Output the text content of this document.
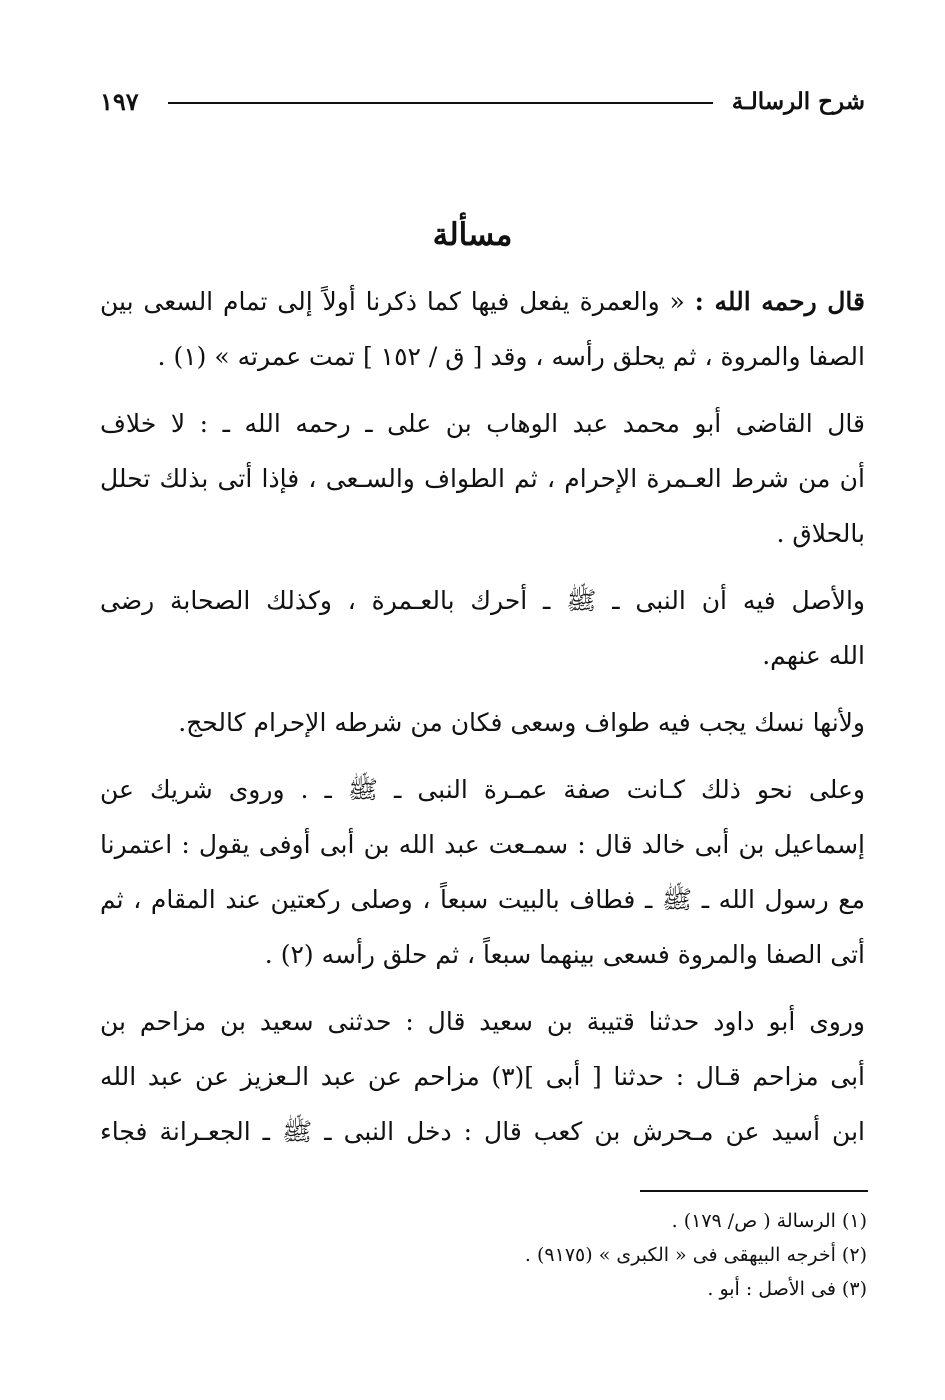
شرح الرسالـة
١٩٧
مسألة

قال رحمه الله : « والعمرة يفعل فيها كما ذكرنا أولاً إلى تمام السعى بين
الصفا والمروة ، ثم يحلق رأسه ، وقد [ ق / ١٥٢ ] تمت عمرته » (١) .

قال القاضى أبو محمد عبد الوهاب بن على ـ رحمه الله ـ : لا خلاف
أن من شرط العـمرة الإحرام ، ثم الطواف والسـعى ، فإذا أتى بذلك تحلل
بالحلاق .

والأصل فيه أن النبى ـ ﷺ ـ أحرك بالعـمرة ، وكذلك الصحابة رضى
الله عنهم.

ولأنها نسك يجب فيه طواف وسعى فكان من شرطه الإحرام كالحج.

وعلى نحو ذلك كـانت صفة عمـرة النبى ـ ﷺ ـ . وروى شريك عن
إسماعيل بن أبى خالد قال : سمـعت عبد الله بن أبى أوفى يقول : اعتمرنا
مع رسول الله ـ ﷺ ـ فطاف بالبيت سبعاً ، وصلى ركعتين عند المقام ، ثم
أتى الصفا والمروة فسعى بينهما سبعاً ، ثم حلق رأسه (٢) .

وروى أبو داود حدثنا قتيبة بن سعيد قال : حدثنى سعيد بن مزاحم بن
أبى مزاحم قـال : حدثنا [ أبى ](٣) مزاحم عن عبد الـعزيز عن عبد الله
ابن أسيد عن مـحرش بن كعب قال : دخل النبى ـ ﷺ ـ الجعـرانة فجاء

(١) الرسالة ( ص/ ١٧٩) .
(٢) أخرجه البيهقى فى « الكبرى » (٩١٧٥) .
(٣) فى الأصل : أبو .
